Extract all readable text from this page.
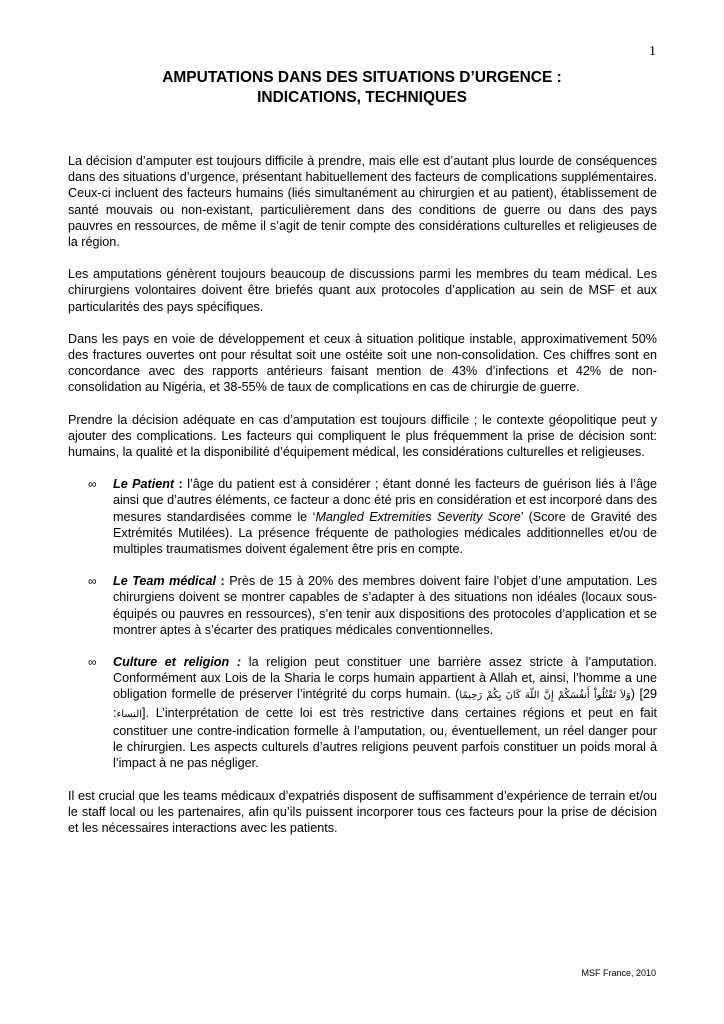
1
AMPUTATIONS DANS DES SITUATIONS D’URGENCE :
INDICATIONS, TECHNIQUES

La décision d’amputer est toujours difficile à prendre, mais elle est d’autant plus lourde de conséquences dans des situations d’urgence, présentant habituellement des facteurs de complications supplémentaires. Ceux-ci incluent des facteurs humains (liés simultanément au chirurgien et au patient), établissement de santé mouvais ou non-existant, particulièrement dans des conditions de guerre ou dans des pays pauvres en ressources, de même il s’agit de tenir compte des considérations culturelles et religieuses de la région.

Les amputations génèrent toujours beaucoup de discussions parmi les membres du team médical. Les chirurgiens volontaires doivent être briefés quant aux protocoles d’application au sein de MSF et aux particularités des pays spécifiques.

Dans les pays en voie de développement et ceux à situation politique instable, approximativement 50% des fractures ouvertes ont pour résultat soit une ostéite soit une non-consolidation. Ces chiffres sont en concordance avec des rapports antérieurs faisant mention de 43% d’infections et 42% de non-consolidation au Nigéria, et 38-55% de taux de complications en cas de chirurgie de guerre.

Prendre la décision adéquate en cas d’amputation est toujours difficile ; le contexte géopolitique peut y ajouter des complications. Les facteurs qui compliquent le plus fréquemment la prise de décision sont: humains, la qualité et la disponibilité d’équipement médical, les considérations culturelles et religieuses.

∞ Le Patient : l’âge du patient est à considérer ; étant donné les facteurs de guérison liés à l’âge ainsi que d’autres éléments, ce facteur a donc été pris en considération et est incorporé dans des mesures standardisées comme le ‘Mangled Extremities Severity Score’ (Score de Gravité des Extrémités Mutilées). La présence fréquente de pathologies médicales additionnelles et/ou de multiples traumatismes doivent également être pris en compte.
∞ Le Team médical : Près de 15 à 20% des membres doivent faire l’objet d’une amputation. Les chirurgiens doivent se montrer capables de s’adapter à des situations non idéales (locaux sous-équipés ou pauvres en ressources), s’en tenir aux dispositions des protocoles d’application et se montrer aptes à s’écarter des pratiques médicales conventionnelles.
∞ Culture et religion : la religion peut constituer une barrière assez stricte à l’amputation. Conformément aux Lois de la Sharia le corps humain appartient à Allah et, ainsi, l’homme a une obligation formelle de préserver l’intégrité du corps humain. (وَلاَ تَقْتُلُواْ أَنفُسَكُمْ إِنَّ اللّهَ كَانَ بِكُمْ رَحِيمًا) [29 :النساء]. L’interprétation de cette loi est très restrictive dans certaines régions et peut en fait constituer une contre-indication formelle à l’amputation, ou, éventuellement, un réel danger pour le chirurgien. Les aspects culturels d’autres religions peuvent parfois constituer un poids moral à l’impact à ne pas négliger.

Il est crucial que les teams médicaux d’expatriés disposent de suffisamment d’expérience de terrain et/ou le staff local ou les partenaires, afin qu’ils puissent incorporer tous ces facteurs pour la prise de décision et les nécessaires interactions avec les patients.

MSF France, 2010
